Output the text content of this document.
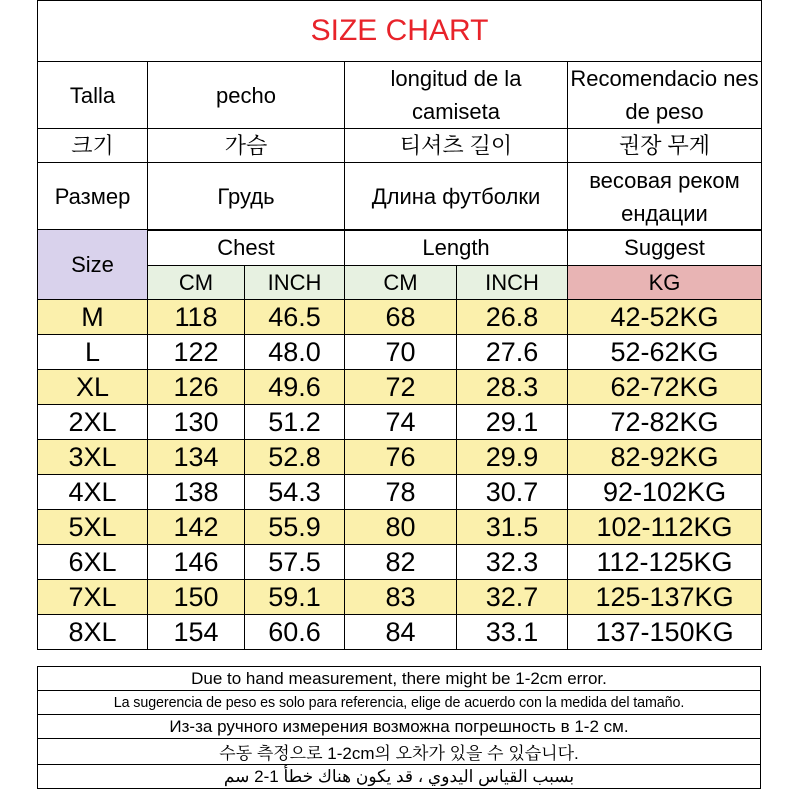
SIZE CHART			
Talla	pecho	longitud de la camiseta	Recomendacio nes de peso
크기	가슴	티셔츠 길이	권장 무게
Размер	Грудь	Длина футболки	весовая реком ендации
Size	Chest		Length		Suggest
	CM	INCH	CM	INCH	KG
M	118	46.5	68	26.8	42-52KG
L	122	48.0	70	27.6	52-62KG
XL	126	49.6	72	28.3	62-72KG
2XL	130	51.2	74	29.1	72-82KG
3XL	134	52.8	76	29.9	82-92KG
4XL	138	54.3	78	30.7	92-102KG
5XL	142	55.9	80	31.5	102-112KG
6XL	146	57.5	82	32.3	112-125KG
7XL	150	59.1	83	32.7	125-137KG
8XL	154	60.6	84	33.1	137-150KG
Due to hand measurement, there might be 1-2cm error.
La sugerencia de peso es solo para referencia, elige de acuerdo con la medida del tamaño.
Из-за ручного измерения возможна погрешность в 1-2 см.
수동 측정으로 1-2cm의 오차가 있을 수 있습니다.
بسبب القياس اليدوي ، قد يكون هناك خطأ 1-2 سم
